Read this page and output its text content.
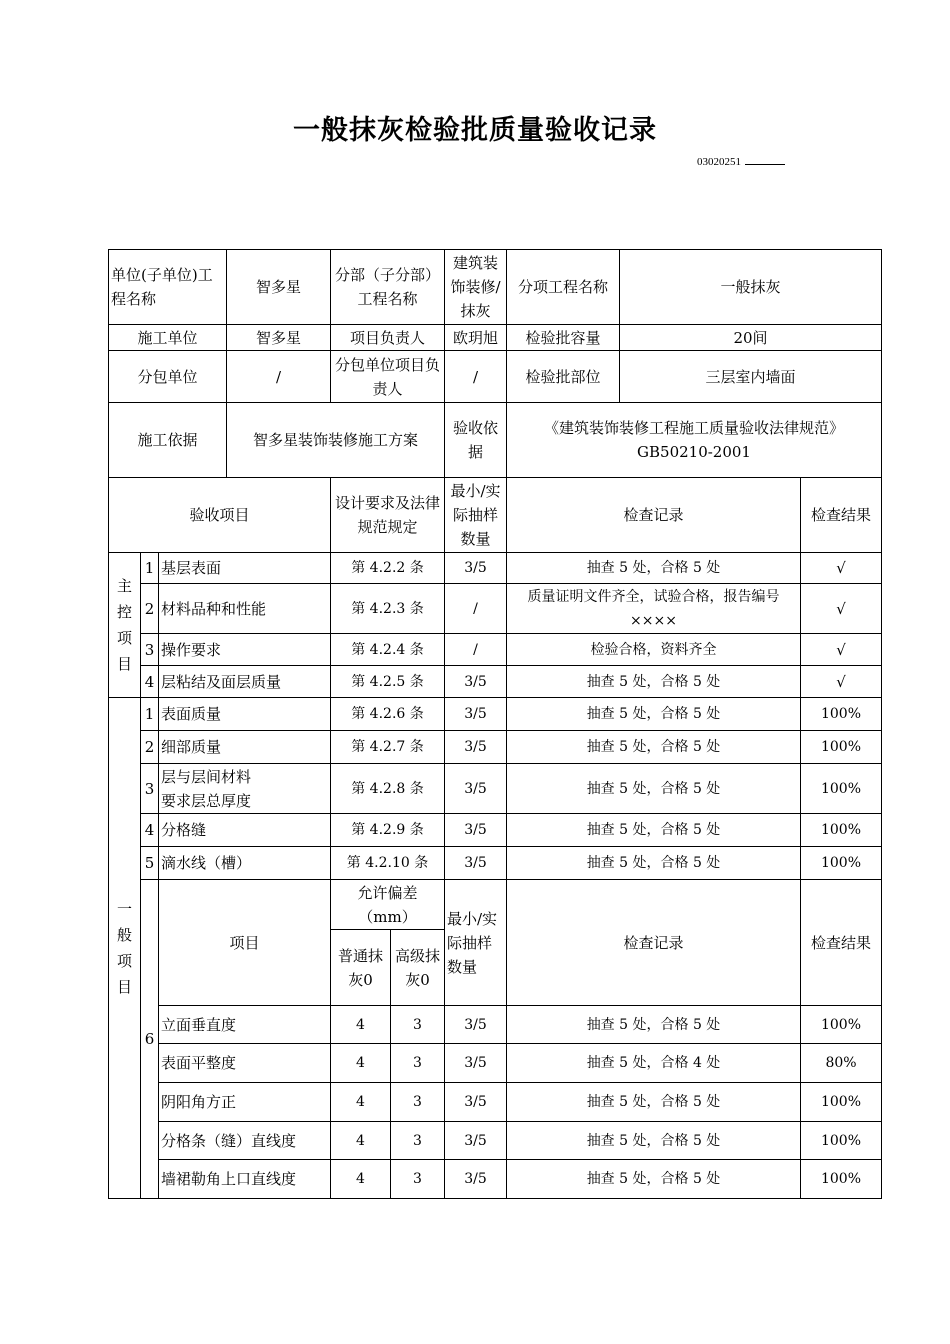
一般抹灰检验批质量验收记录
03020251
单位(子单位)工程名称			智多星	分部（子分部）工程名称		建筑装饰装修/抹灰	分项工程名称	一般抹灰	
施工单位			智多星	项目负责人		欧玥旭	检验批容量	20间	
分包单位			/	分包单位项目负责人		/	检验批部位	三层室内墙面	
施工依据			智多星装饰装修施工方案			验收依据	《建筑装饰装修工程施工质量验收法律规范》
GB50210-2001		

验收项目				设计要求及法律规范规定		最小/实际抽样数量	检查记录		检查结果

主
控
项
目	1	基层表面		第 4.2.2 条		3/5	抽查 5 处，合格 5 处		√
	2	材料品种和性能		第 4.2.3 条		/	质量证明文件齐全，试验合格，报告编号××××		√
	3	操作要求		第 4.2.4 条		/	检验合格，资料齐全		√
	4	层粘结及面层质量		第 4.2.5 条		3/5	抽查 5 处，合格 5 处		√

一
般
项
目	1	表面质量		第 4.2.6 条		3/5	抽查 5 处，合格 5 处		100%
	2	细部质量		第 4.2.7 条		3/5	抽查 5 处，合格 5 处		100%
	3	层与层间材料
要求层总厚度		第 4.2.8 条		3/5	抽查 5 处，合格 5 处		100%
	4	分格缝		第 4.2.9 条		3/5	抽查 5 处，合格 5 处		100%
	5	滴水线（槽）		第 4.2.10 条		3/5	抽查 5 处，合格 5 处		100%
	6	项目		允许偏差（mm）		最小/实际抽样数量	检查记录		检查结果
				普通抹灰0	高级抹灰0				
		立面垂直度		4	3	3/5	抽查 5 处，合格 5 处		100%
		表面平整度		4	3	3/5	抽查 5 处，合格 4 处		80%
		阴阳角方正		4	3	3/5	抽查 5 处，合格 5 处		100%
		分格条（缝）直线度		4	3	3/5	抽查 5 处，合格 5 处		100%
		墙裙勒角上口直线度		4	3	3/5	抽查 5 处，合格 5 处		100%
